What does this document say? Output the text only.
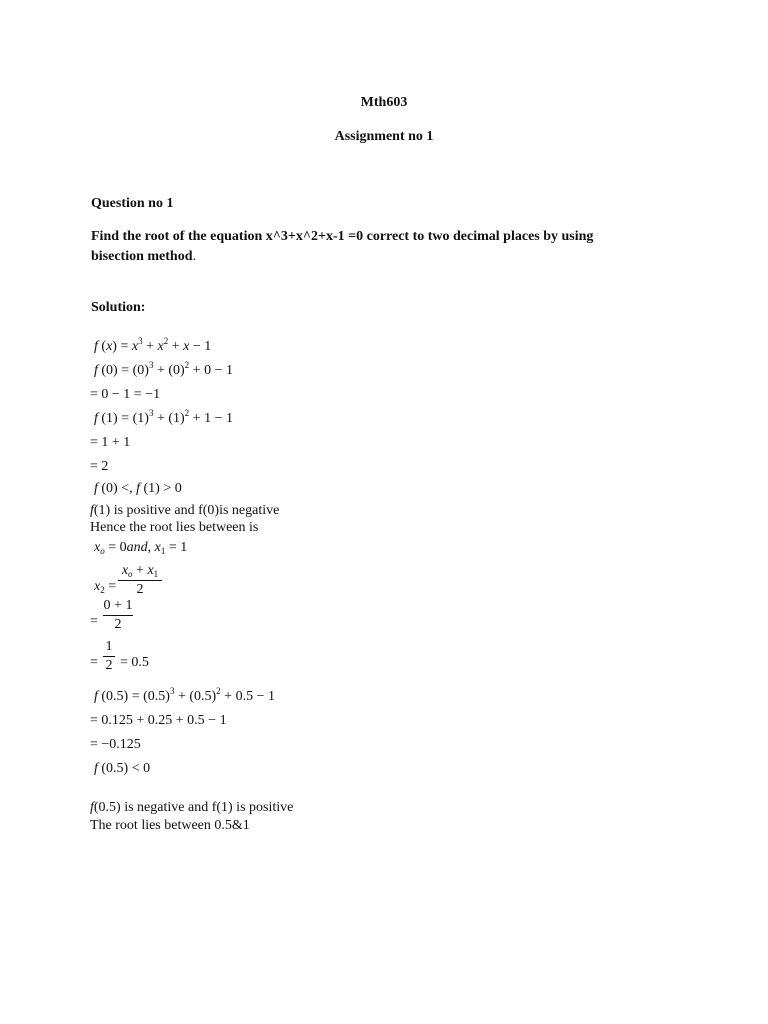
Mth603
Assignment no 1
Question no 1
Find the root of the equation x^3+x^2+x-1 =0 correct to two decimal places by using
bisection method.
Solution:
f $(x) = x^3 + x^2 + x - 1$
f $(0) = (0)^3 + (0)^2 + 0 - 1$
= 0 − 1 = −1
f $(1) = (1)^3 + (1)^2 + 1 - 1$
= 1 + 1
= 2
f (0) <, f (1) > 0
f(1) is positive and f(0)is negative
Hence the root lies between is
$x_o = 0and$, $x_1 = 1$
$x_2$ =
$x_o + x_1$
2
=
0 + 1
2
=
1
2 = 0.5
f $(0.5) = (0.5)^3 + (0.5)^2 + 0.5 - 1$
= 0.125 + 0.25 + 0.5 − 1
= −0.125
f (0.5) < 0
f(0.5) is negative and f(1) is positive
The root lies between 0.5&1
